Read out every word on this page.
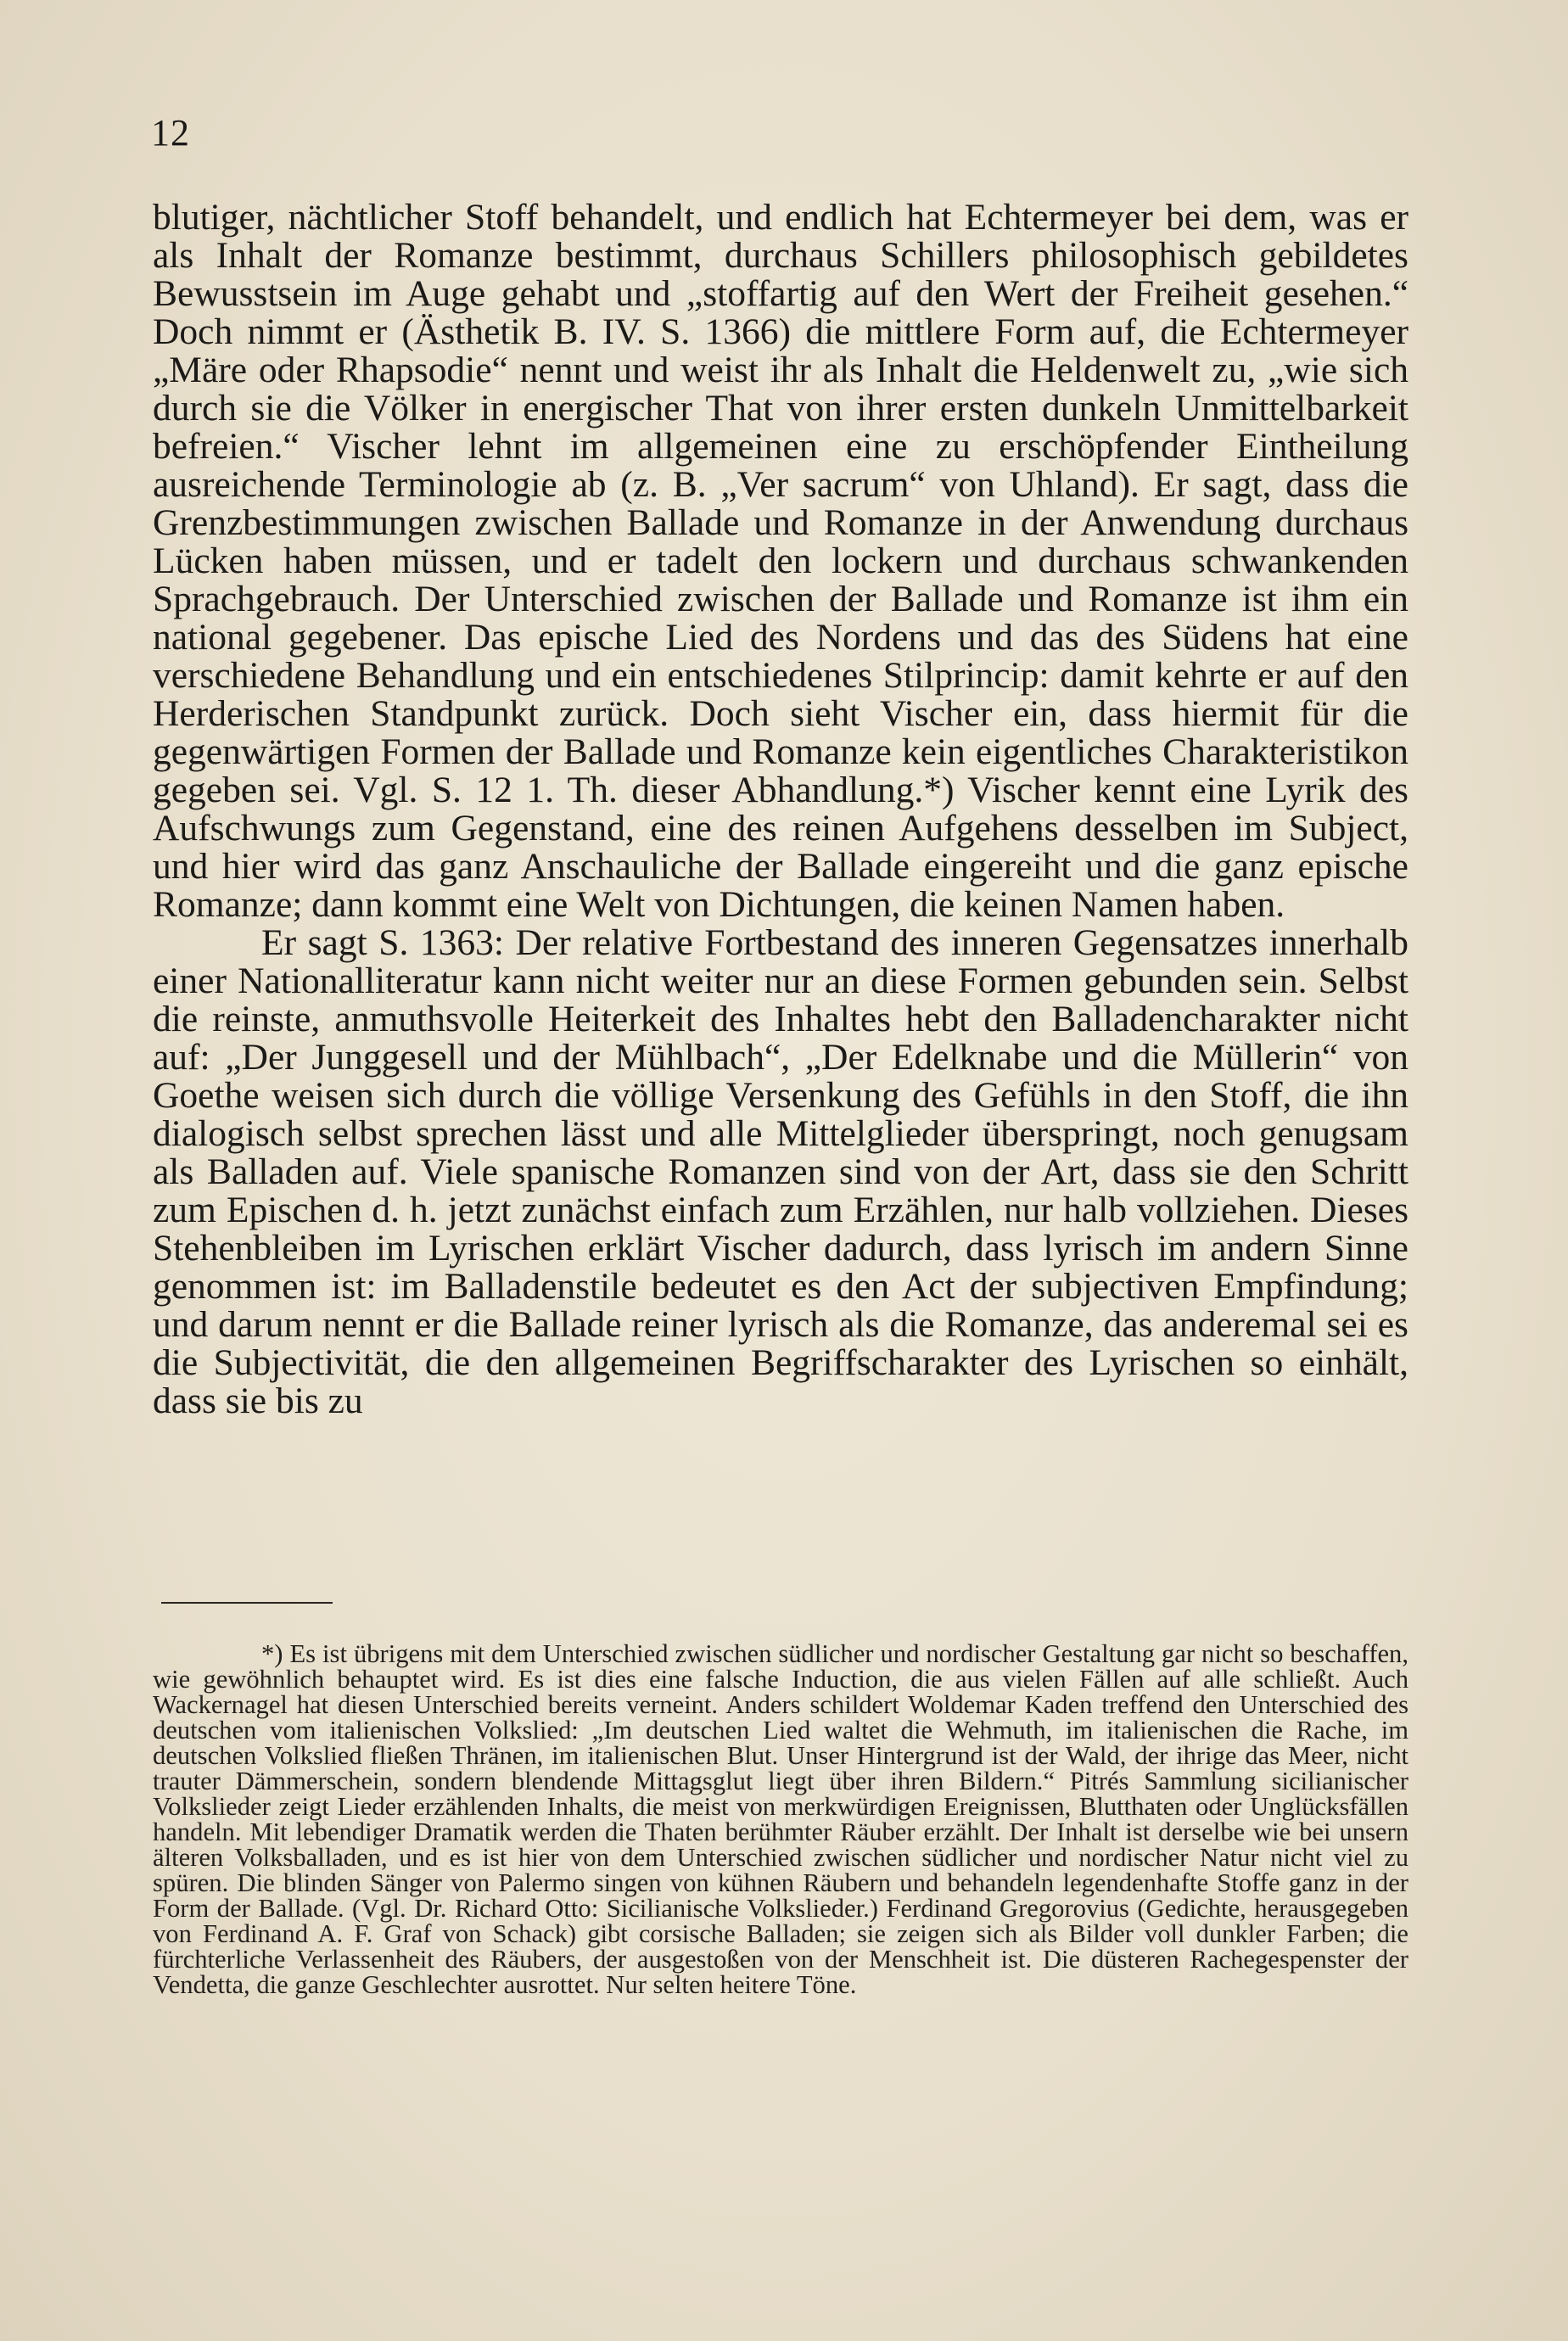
12

blutiger, nächtlicher Stoff behandelt, und endlich hat Echtermeyer bei dem, was er als Inhalt der Romanze bestimmt, durchaus Schillers philosophisch gebildetes Bewusstsein im Auge gehabt und „stoffartig auf den Wert der Freiheit gesehen.“ Doch nimmt er (Ästhetik B. IV. S. 1366) die mittlere Form auf, die Echtermeyer „Märe oder Rhapsodie“ nennt und weist ihr als Inhalt die Heldenwelt zu, „wie sich durch sie die Völker in energischer That von ihrer ersten dunkeln Unmittelbarkeit befreien.“ Vischer lehnt im allgemeinen eine zu erschöpfender Eintheilung ausreichende Terminologie ab (z. B. „Ver sacrum“ von Uhland). Er sagt, dass die Grenzbestimmungen zwischen Ballade und Romanze in der Anwendung durchaus Lücken haben müssen, und er tadelt den lockern und durchaus schwankenden Sprachgebrauch. Der Unterschied zwischen der Ballade und Romanze ist ihm ein national gegebener. Das epische Lied des Nordens und das des Südens hat eine verschiedene Behandlung und ein entschiedenes Stilprincip: damit kehrte er auf den Herderischen Standpunkt zurück. Doch sieht Vischer ein, dass hiermit für die gegenwärtigen Formen der Ballade und Romanze kein eigentliches Charakteristikon gegeben sei. Vgl. S. 12 1. Th. dieser Abhandlung.*) Vischer kennt eine Lyrik des Aufschwungs zum Gegenstand, eine des reinen Aufgehens desselben im Subject, und hier wird das ganz Anschauliche der Ballade eingereiht und die ganz epische Romanze; dann kommt eine Welt von Dichtungen, die keinen Namen haben.

Er sagt S. 1363: Der relative Fortbestand des inneren Gegensatzes innerhalb einer Nationalliteratur kann nicht weiter nur an diese Formen gebunden sein. Selbst die reinste, anmuthsvolle Heiterkeit des Inhaltes hebt den Balladencharakter nicht auf: „Der Junggesell und der Mühlbach“, „Der Edelknabe und die Müllerin“ von Goethe weisen sich durch die völlige Versenkung des Gefühls in den Stoff, die ihn dialogisch selbst sprechen lässt und alle Mittelglieder überspringt, noch genugsam als Balladen auf. Viele spanische Romanzen sind von der Art, dass sie den Schritt zum Epischen d. h. jetzt zunächst einfach zum Erzählen, nur halb vollziehen. Dieses Stehenbleiben im Lyrischen erklärt Vischer dadurch, dass lyrisch im andern Sinne genommen ist: im Balladenstile bedeutet es den Act der subjectiven Empfindung; und darum nennt er die Ballade reiner lyrisch als die Romanze, das anderemal sei es die Subjectivität, die den allgemeinen Begriffscharakter des Lyrischen so einhält, dass sie bis zu

*) Es ist übrigens mit dem Unterschied zwischen südlicher und nordischer Gestaltung gar nicht so beschaffen, wie gewöhnlich behauptet wird. Es ist dies eine falsche Induction, die aus vielen Fällen auf alle schließt. Auch Wackernagel hat diesen Unterschied bereits verneint. Anders schildert Woldemar Kaden treffend den Unterschied des deutschen vom italienischen Volkslied: „Im deutschen Lied waltet die Wehmuth, im italienischen die Rache, im deutschen Volkslied fließen Thränen, im italienischen Blut. Unser Hintergrund ist der Wald, der ihrige das Meer, nicht trauter Dämmerschein, sondern blendende Mittagsglut liegt über ihren Bildern.“ Pitrés Sammlung sicilianischer Volkslieder zeigt Lieder erzählenden Inhalts, die meist von merkwürdigen Ereignissen, Blutthaten oder Unglücksfällen handeln. Mit lebendiger Dramatik werden die Thaten berühmter Räuber erzählt. Der Inhalt ist derselbe wie bei unsern älteren Volksballaden, und es ist hier von dem Unterschied zwischen südlicher und nordischer Natur nicht viel zu spüren. Die blinden Sänger von Palermo singen von kühnen Räubern und behandeln legendenhafte Stoffe ganz in der Form der Ballade. (Vgl. Dr. Richard Otto: Sicilianische Volkslieder.) Ferdinand Gregorovius (Gedichte, herausgegeben von Ferdinand A. F. Graf von Schack) gibt corsische Balladen; sie zeigen sich als Bilder voll dunkler Farben; die fürchterliche Verlassenheit des Räubers, der ausgestoßen von der Menschheit ist. Die düsteren Rachegespenster der Vendetta, die ganze Geschlechter ausrottet. Nur selten heitere Töne.
